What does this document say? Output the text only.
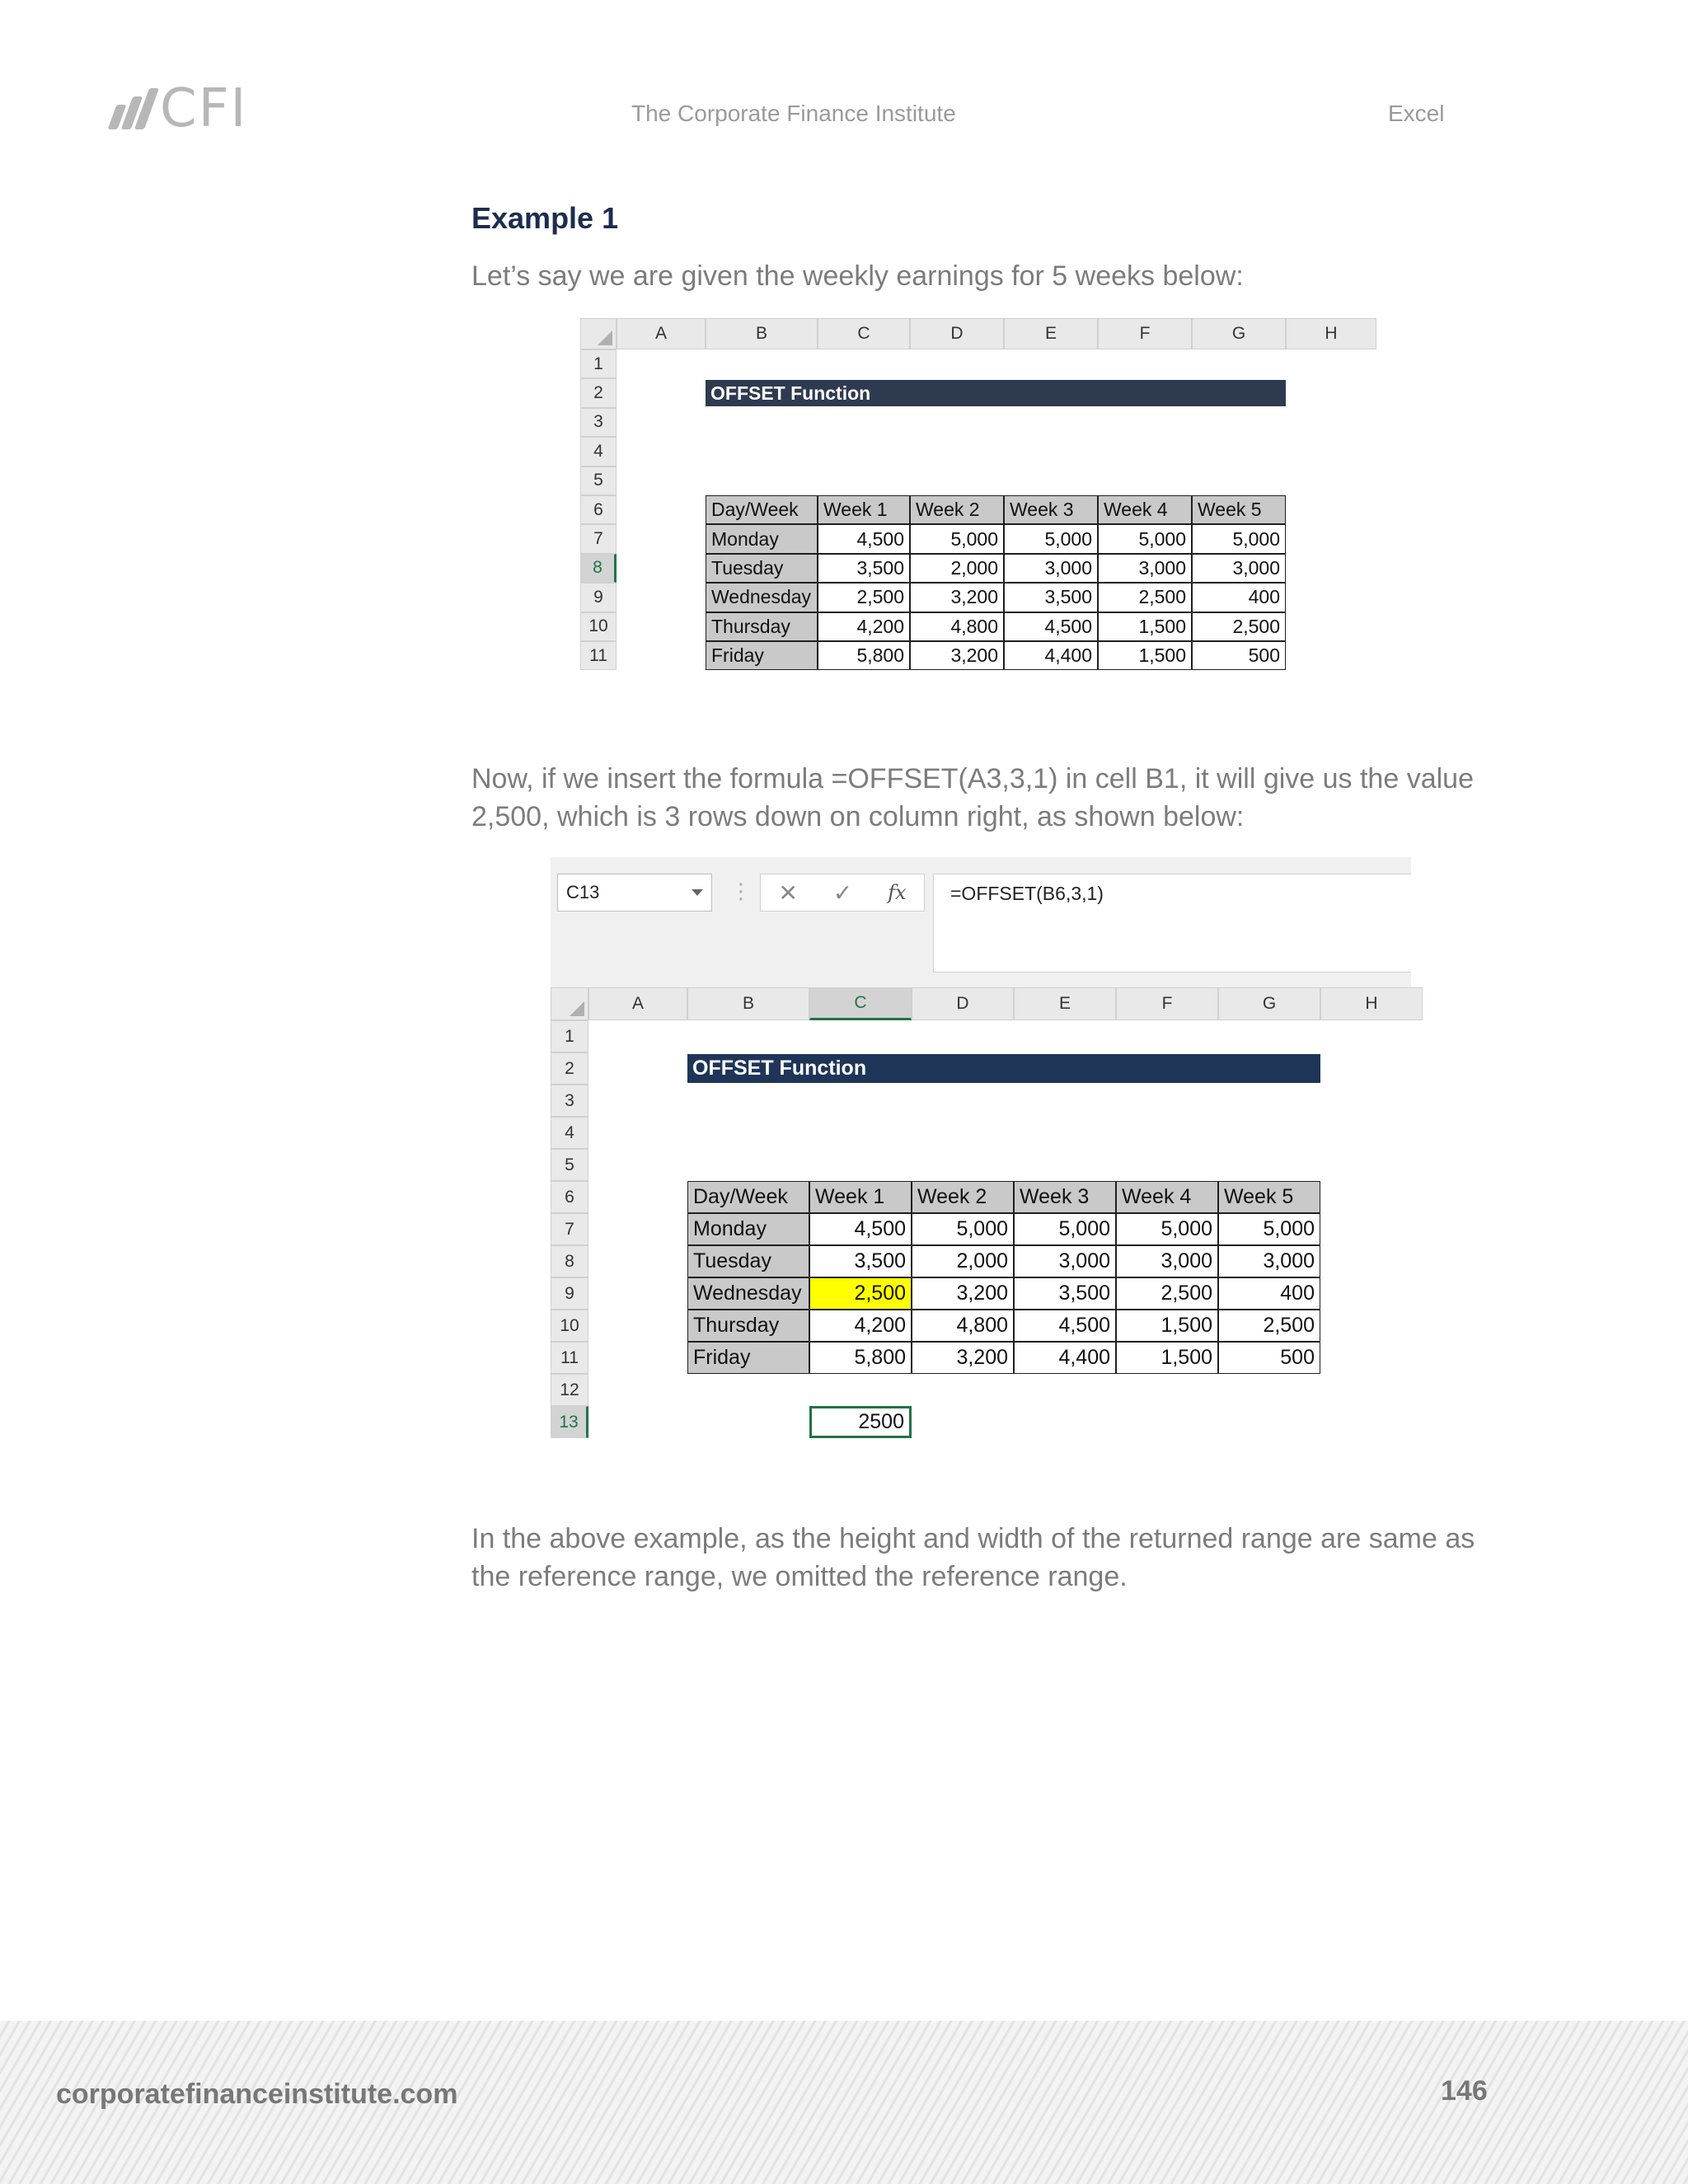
CFI	The Corporate Finance Institute	Excel
Example 1
Let’s say we are given the weekly earnings for 5 weeks below:
A	B	C	D	E	F	G	H
1
2
3
4
5
6
7
8
9
10
11
OFFSET Function
Day/Week	Week 1	Week 2	Week 3	Week 4	Week 5
Monday	4,500	5,000	5,000	5,000	5,000
Tuesday	3,500	2,000	3,000	3,000	3,000
Wednesday	2,500	3,200	3,500	2,500	400
Thursday	4,200	4,800	4,500	1,500	2,500
Friday	5,800	3,200	4,400	1,500	500
Now, if we insert the formula =OFFSET(A3,3,1) in cell B1, it will give us the value 2,500, which is 3 rows down on column right, as shown below:
C13	⋮ ✕ ✓ fx	=OFFSET(B6,3,1)
A	B	C	D	E	F	G	H
1
2
3
4
5
6
7
8
9
10
11
12
13
OFFSET Function
Day/Week	Week 1	Week 2	Week 3	Week 4	Week 5
Monday	4,500	5,000	5,000	5,000	5,000
Tuesday	3,500	2,000	3,000	3,000	3,000
Wednesday	2,500	3,200	3,500	2,500	400
Thursday	4,200	4,800	4,500	1,500	2,500
Friday	5,800	3,200	4,400	1,500	500
2500
In the above example, as the height and width of the returned range are same as the reference range, we omitted the reference range.
corporatefinanceinstitute.com	146
